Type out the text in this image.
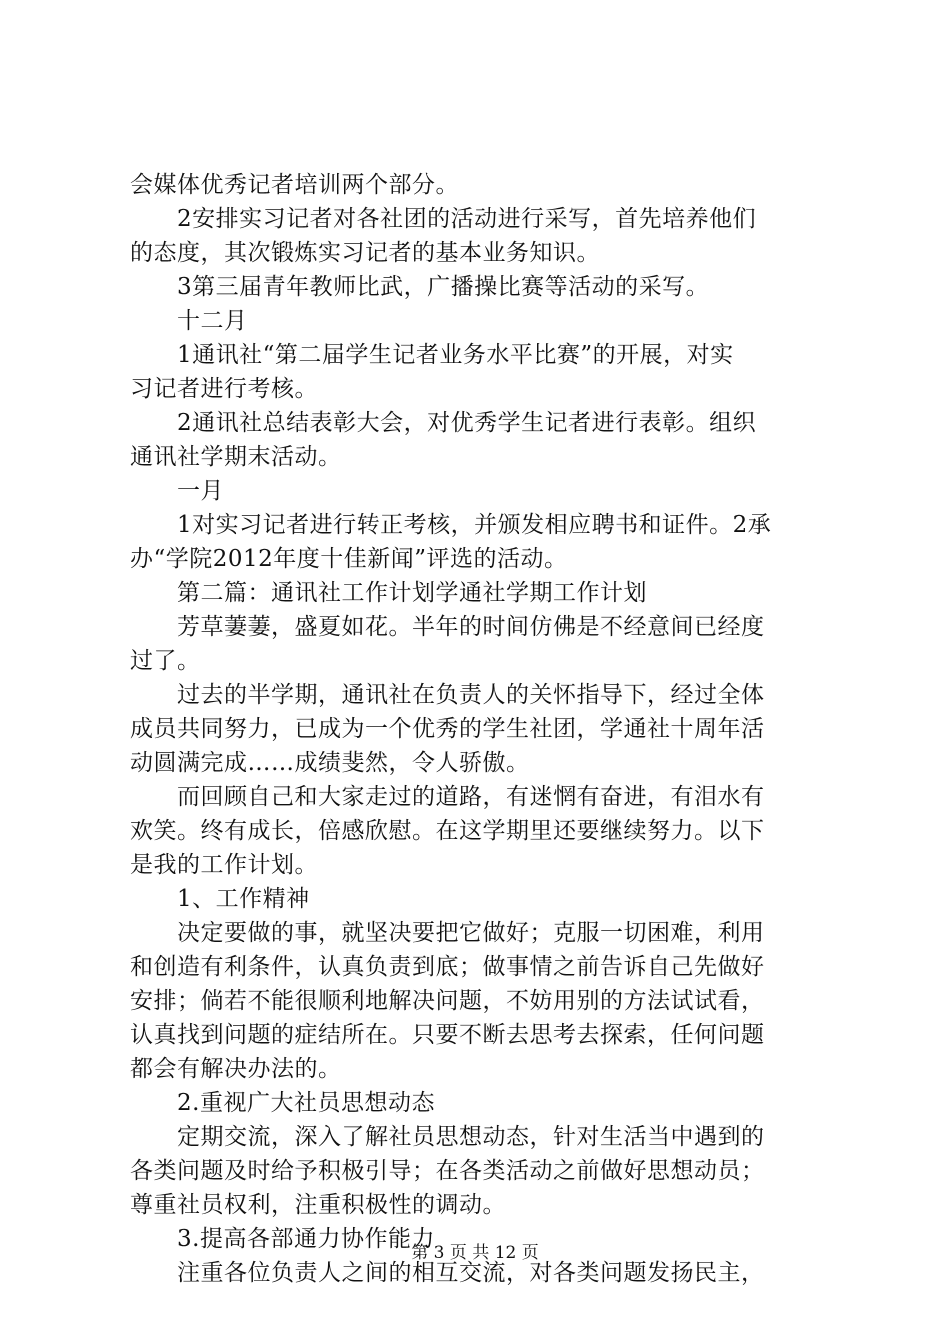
会媒体优秀记者培训两个部分。
2安排实习记者对各社团的活动进行采写，首先培养他们
的态度，其次锻炼实习记者的基本业务知识。
3第三届青年教师比武，广播操比赛等活动的采写。
十二月
1通讯社“第二届学生记者业务水平比赛”的开展，对实
习记者进行考核。
2通讯社总结表彰大会，对优秀学生记者进行表彰。组织
通讯社学期末活动。
一月
1对实习记者进行转正考核，并颁发相应聘书和证件。2承
办“学院2012年度十佳新闻”评选的活动。
第二篇：通讯社工作计划学通社学期工作计划
芳草萋萋，盛夏如花。半年的时间仿佛是不经意间已经度
过了。
过去的半学期，通讯社在负责人的关怀指导下，经过全体
成员共同努力，已成为一个优秀的学生社团，学通社十周年活
动圆满完成……成绩斐然，令人骄傲。
而回顾自己和大家走过的道路，有迷惘有奋进，有泪水有
欢笑。终有成长，倍感欣慰。在这学期里还要继续努力。以下
是我的工作计划。
1、工作精神
决定要做的事，就坚决要把它做好；克服一切困难，利用
和创造有利条件，认真负责到底；做事情之前告诉自己先做好
安排；倘若不能很顺利地解决问题，不妨用别的方法试试看，
认真找到问题的症结所在。只要不断去思考去探索，任何问题
都会有解决办法的。
2.重视广大社员思想动态
定期交流，深入了解社员思想动态，针对生活当中遇到的
各类问题及时给予积极引导；在各类活动之前做好思想动员；
尊重社员权利，注重积极性的调动。
3.提高各部通力协作能力
注重各位负责人之间的相互交流，对各类问题发扬民主，
第 3 页 共 12 页
